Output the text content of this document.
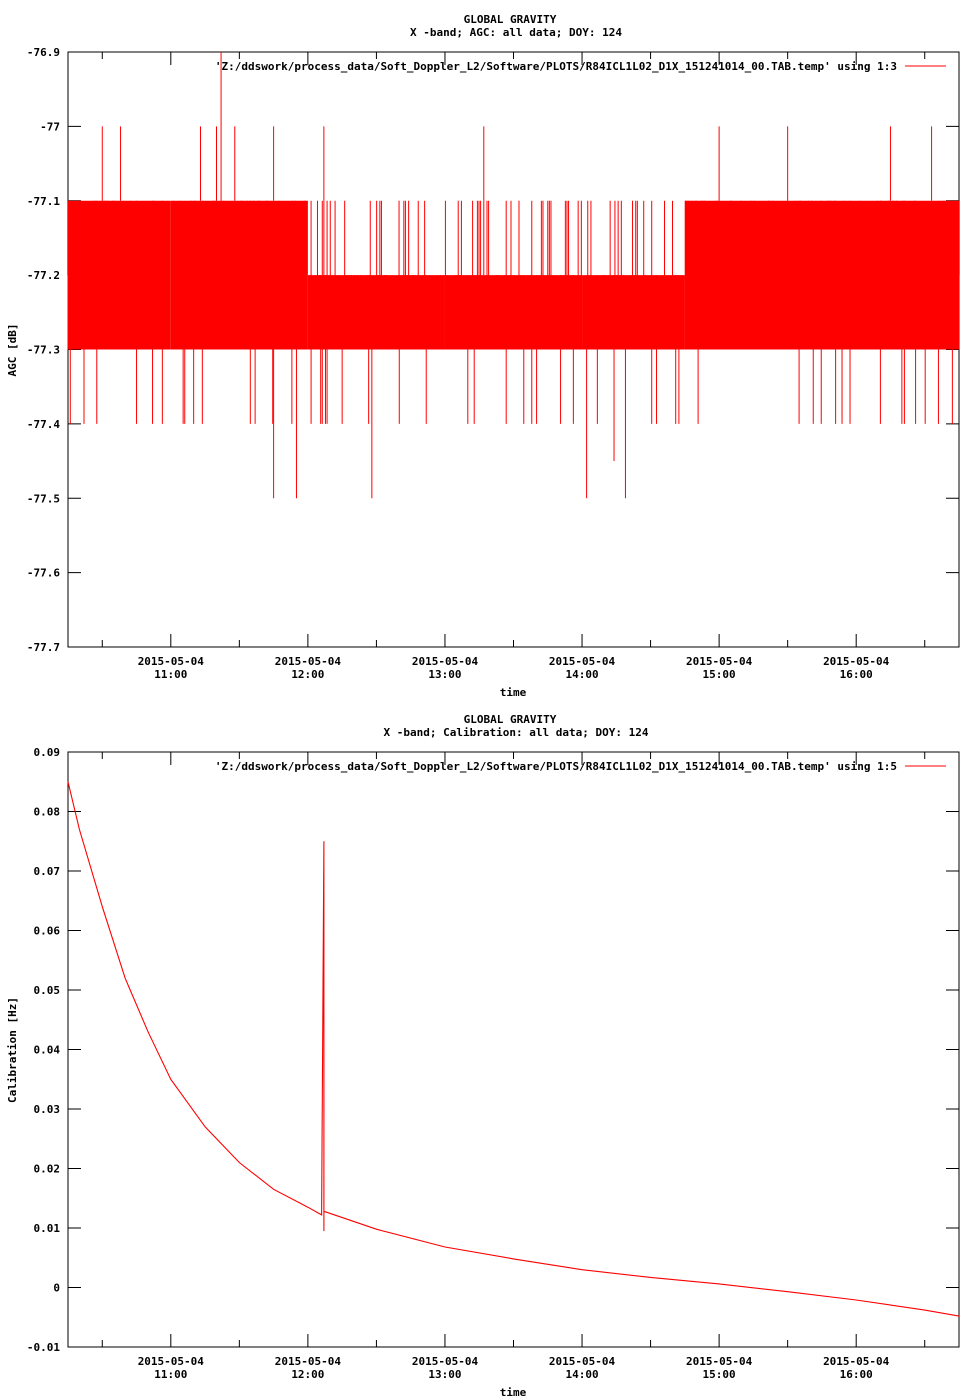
GLOBAL GRAVITY
X -band; AGC: all data; DOY: 124
-76.9
-77
-77.1
-77.2
-77.3
-77.4
-77.5
-77.6
-77.7
2015-05-04
11:00
2015-05-04
12:00
2015-05-04
13:00
2015-05-04
14:00
2015-05-04
15:00
2015-05-04
16:00
AGC [dB]
time
'Z:/ddswork/process_data/Soft_Doppler_L2/Software/PLOTS/R84ICL1L02_D1X_151241014_00.TAB.temp' using 1:3
GLOBAL GRAVITY
X -band; Calibration: all data; DOY: 124
0.09
0.08
0.07
0.06
0.05
0.04
0.03
0.02
0.01
0
-0.01
2015-05-04
11:00
2015-05-04
12:00
2015-05-04
13:00
2015-05-04
14:00
2015-05-04
15:00
2015-05-04
16:00
Calibration [Hz]
time
'Z:/ddswork/process_data/Soft_Doppler_L2/Software/PLOTS/R84ICL1L02_D1X_151241014_00.TAB.temp' using 1:5
